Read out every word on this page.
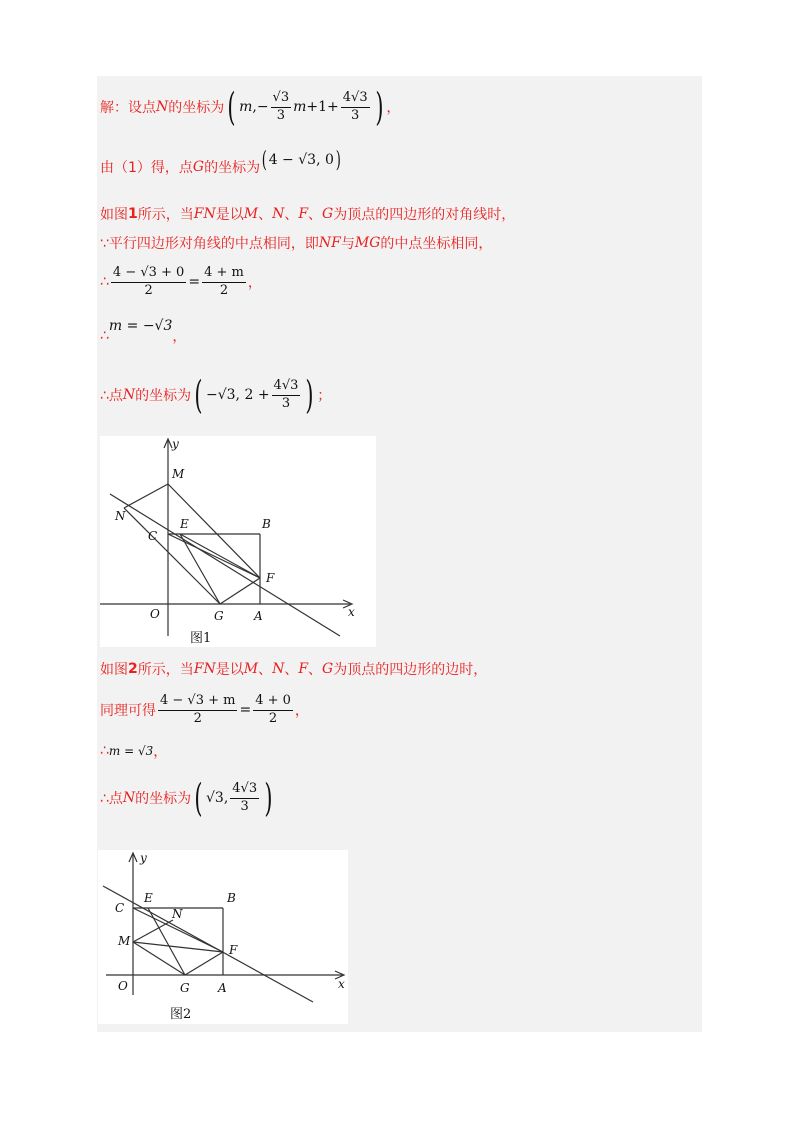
解：设点 N 的坐标为 ( m , − $\frac{√3}{3}$ $m +1+ \frac{4√3}{3}$ ) ，
由（1）得，点 G 的坐标为 ( 4 − √3, 0 )
如图 1 所示，当 FN 是以 M 、 N 、 F 、 G 为顶点的四边形的对角线时，
∵平行四边形对角线的中点相同，即 NF 与 MG 的中点坐标相同，
∴ $\frac{4 - √3 + 0}{2} = \frac{4 + m}{2}$ ，
∴
m = −√3
，
∴点 N 的坐标为 ( −√3, $2 + \frac{4√3}{3}$ ) ；
y
x
O
M
N
C
E	B
F
G	A
图1
如图 2 所示，当 FN 是以 M 、 N 、 F 、 G 为顶点的四边形的边时，
同理可得 $\frac{4 - √3 + m}{2} = \frac{4 + 0}{2}$ ，
∴ m = √3 ，
∴点 N 的坐标为 ( √3, $\frac{4√3}{3}$ )
y
x
O
M
N
C
E	B
F
G A
图2
